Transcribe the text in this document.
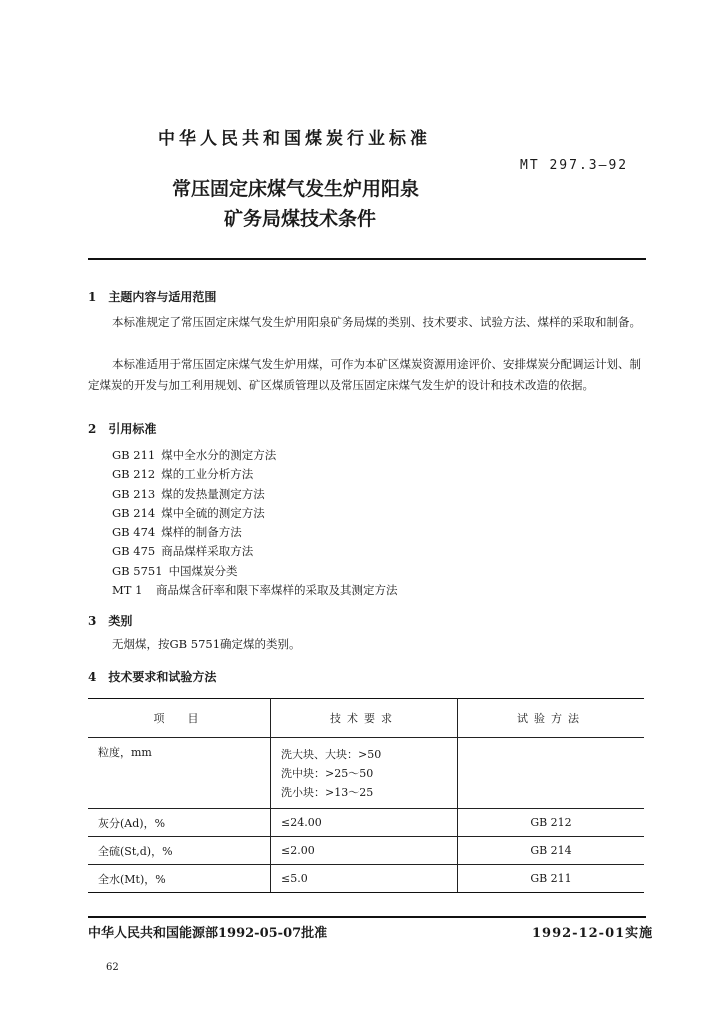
中华人民共和国煤炭行业标准
MT 297.3—92
常压固定床煤气发生炉用阳泉
矿务局煤技术条件
1　主题内容与适用范围
本标准规定了常压固定床煤气发生炉用阳泉矿务局煤的类别、技术要求、试验方法、煤样的采取和制备。
本标准适用于常压固定床煤气发生炉用煤，可作为本矿区煤炭资源用途评价、安排煤炭分配调运计划、制定煤炭的开发与加工利用规划、矿区煤质管理以及常压固定床煤气发生炉的设计和技术改造的依据。
2　引用标准
GB 211 煤中全水分的测定方法
GB 212 煤的工业分析方法
GB 213 煤的发热量测定方法
GB 214 煤中全硫的测定方法
GB 474 煤样的制备方法
GB 475 商品煤样采取方法
GB 5751 中国煤炭分类
MT 1 商品煤含矸率和限下率煤样的采取及其测定方法
3　类别
无烟煤，按GB 5751确定煤的类别。
4　技术要求和试验方法
项　目	技术要求	试验方法
粒度，mm	洗大块、大块：>50
洗中块：>25～50
洗小块：>13～25	

灰分(Ad)，%	≤24.00	GB 212
全硫(St,d)，%	≤2.00	GB 214
全水(Mt)，%	≤5.0	GB 211
中华人民共和国能源部1992-05-07批准	1992-12-01实施
62
